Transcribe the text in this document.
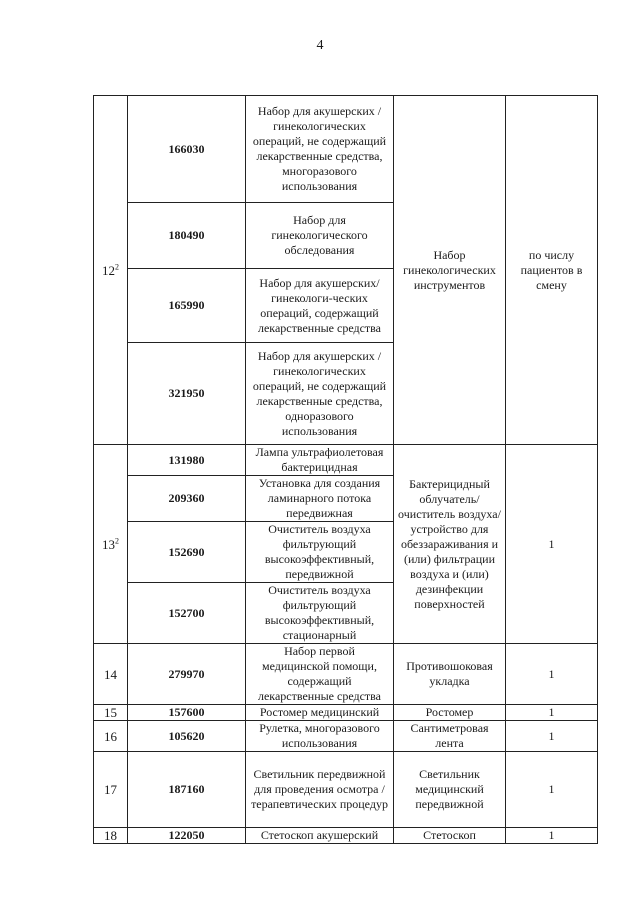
4
$12^2$	166030	Набор для акушерских /гинекологических операций, не содержащий лекарственные средства, многоразового использования	Набор гинекологических инструментов	по числу пациентов в смену
	180490	Набор для гинекологического обследования		
	165990	Набор для акушерских/гинекологи-ческих операций, содержащий лекарственные средства		
	321950	Набор для акушерских /гинекологических операций, не содержащий лекарственные средства, одноразового использования		
$13^2$	131980	Лампа ультрафиолетовая бактерицидная	Бактерицидный облучатель/ очиститель воздуха/ устройство для обеззараживания и (или) фильтрации воздуха и (или) дезинфекции поверхностей	1
	209360	Установка для создания ламинарного потока передвижная		
	152690	Очиститель воздуха фильтрующий высокоэффективный, передвижной		
	152700	Очиститель воздуха фильтрующий высокоэффективный, стационарный		
14	279970	Набор первой медицинской помощи, содержащий лекарственные средства	Противошоковая укладка	1
15	157600	Ростомер медицинский	Ростомер	1
16	105620	Рулетка, многоразового использования	Сантиметровая лента	1
17	187160	Светильник передвижной для проведения осмотра /терапевтических процедур	Светильник медицинский передвижной	1
18	122050	Стетоскоп акушерский	Стетоскоп	1
